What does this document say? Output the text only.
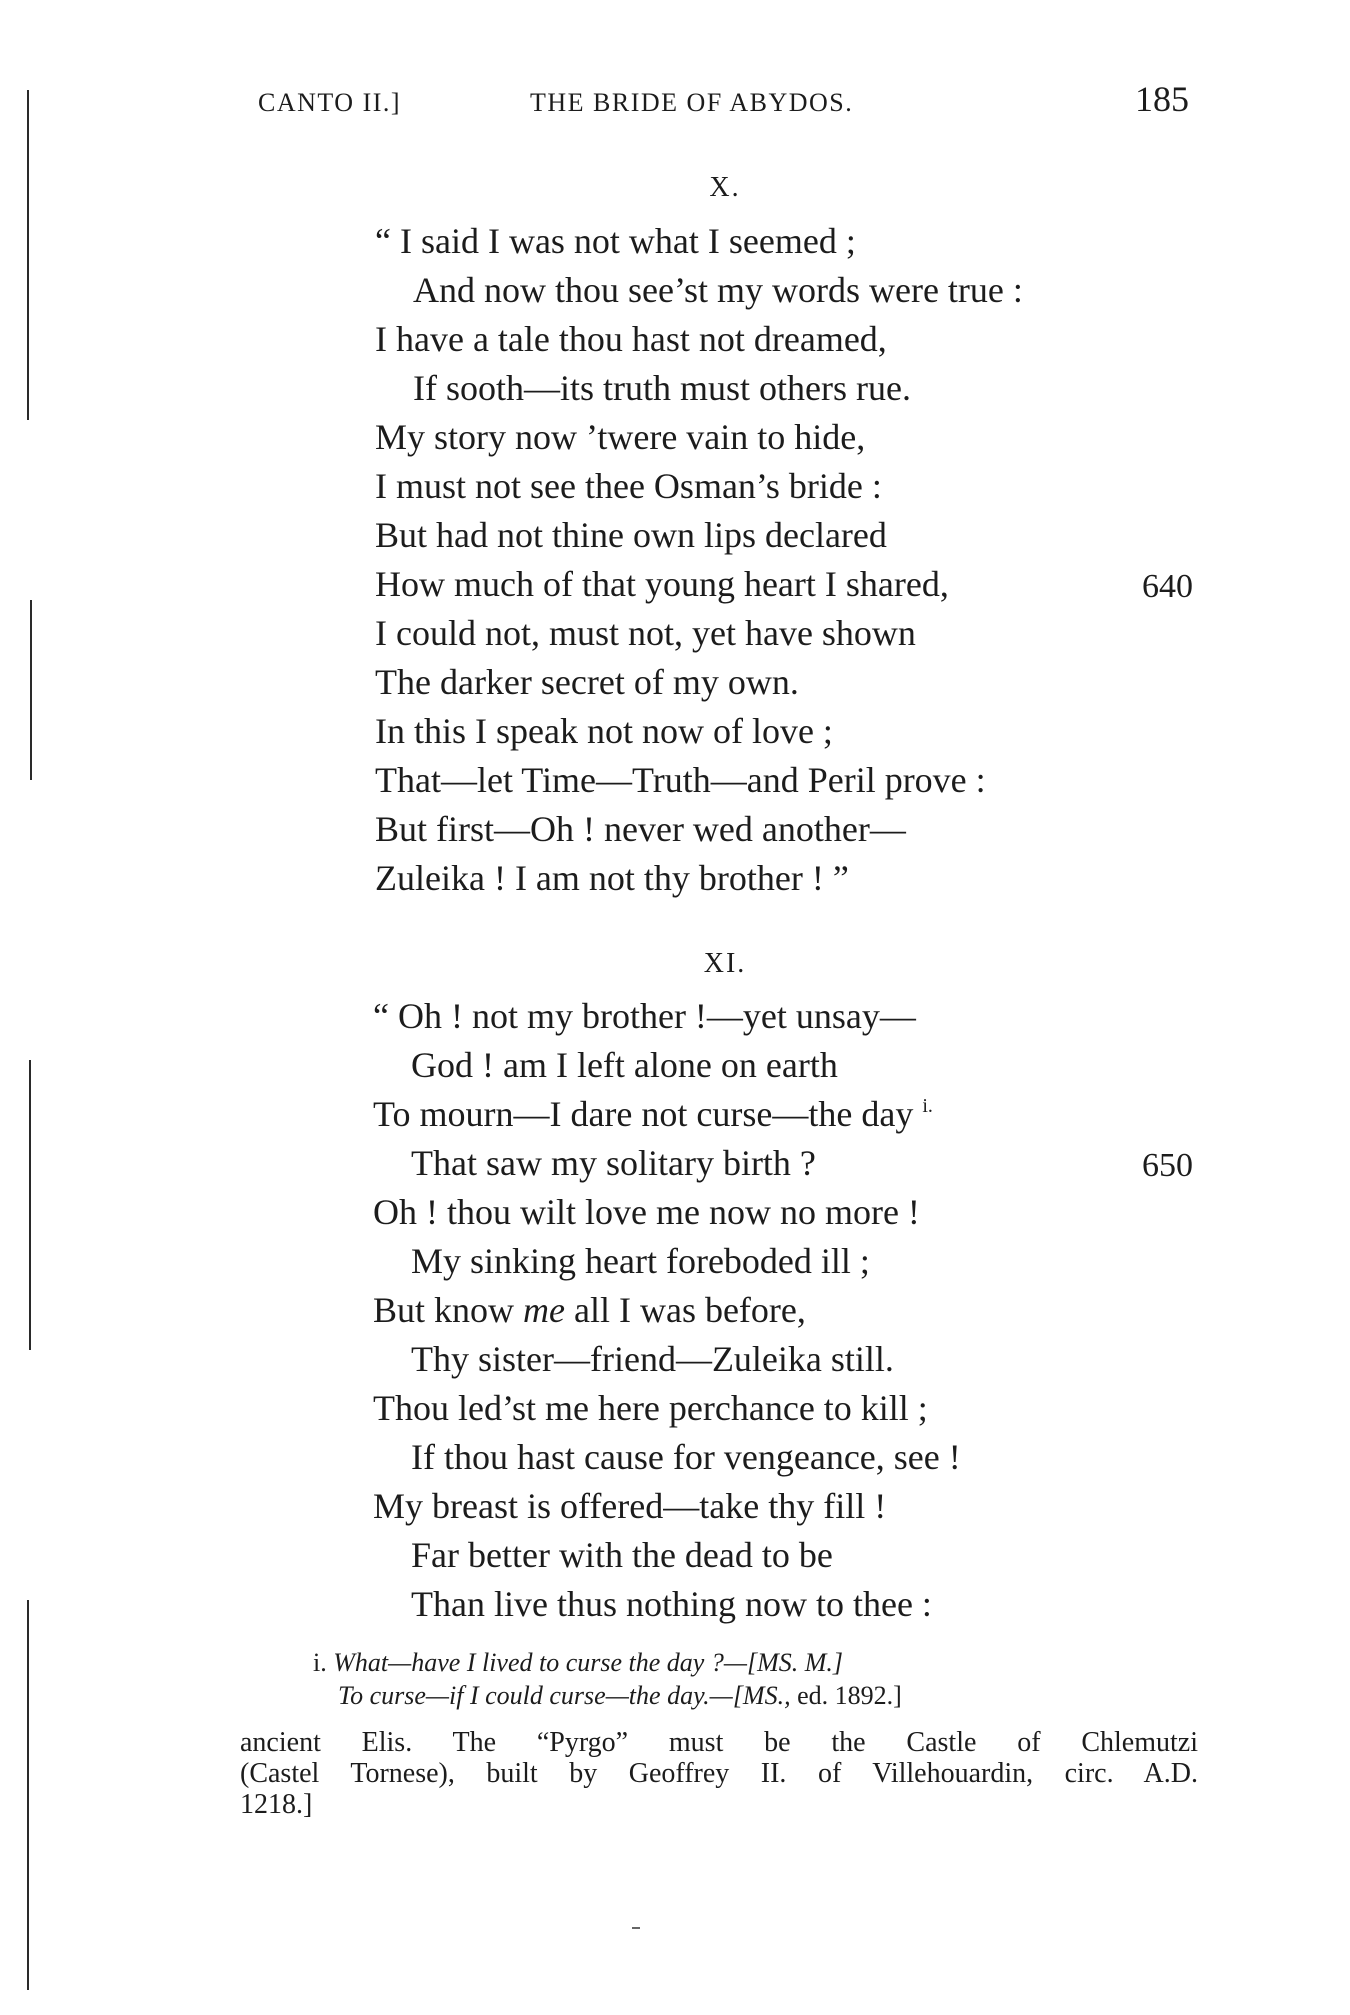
CANTO II.]	THE BRIDE OF ABYDOS.	185
X.
“ I said I was not what I seemed ;
And now thou see’st my words were true :
I have a tale thou hast not dreamed,
If sooth—its truth must others rue.
My story now ’twere vain to hide,
I must not see thee Osman’s bride :
But had not thine own lips declared
How much of that young heart I shared,	640
I could not, must not, yet have shown
The darker secret of my own.
In this I speak not now of love ;
That—let Time—Truth—and Peril prove :
But first—Oh ! never wed another—
Zuleika ! I am not thy brother ! ”
XI.
“ Oh ! not my brother !—yet unsay—
God ! am I left alone on earth
To mourn—I dare not curse—the day $^{i.}$
That saw my solitary birth ?	650
Oh ! thou wilt love me now no more !
My sinking heart foreboded ill ;
But know me all I was before,
Thy sister—friend—Zuleika still.
Thou led’st me here perchance to kill ;
If thou hast cause for vengeance, see !
My breast is offered—take thy fill !
Far better with the dead to be
Than live thus nothing now to thee :
i. What—have I lived to curse the day ?—[MS. M.]
To curse—if I could curse—the day.—[MS., ed. 1892.]
ancient Elis. The “Pyrgo” must be the Castle of Chlemutzi
(Castel Tornese), built by Geoffrey II. of Villehouardin, circ. A.D.
1218.]
